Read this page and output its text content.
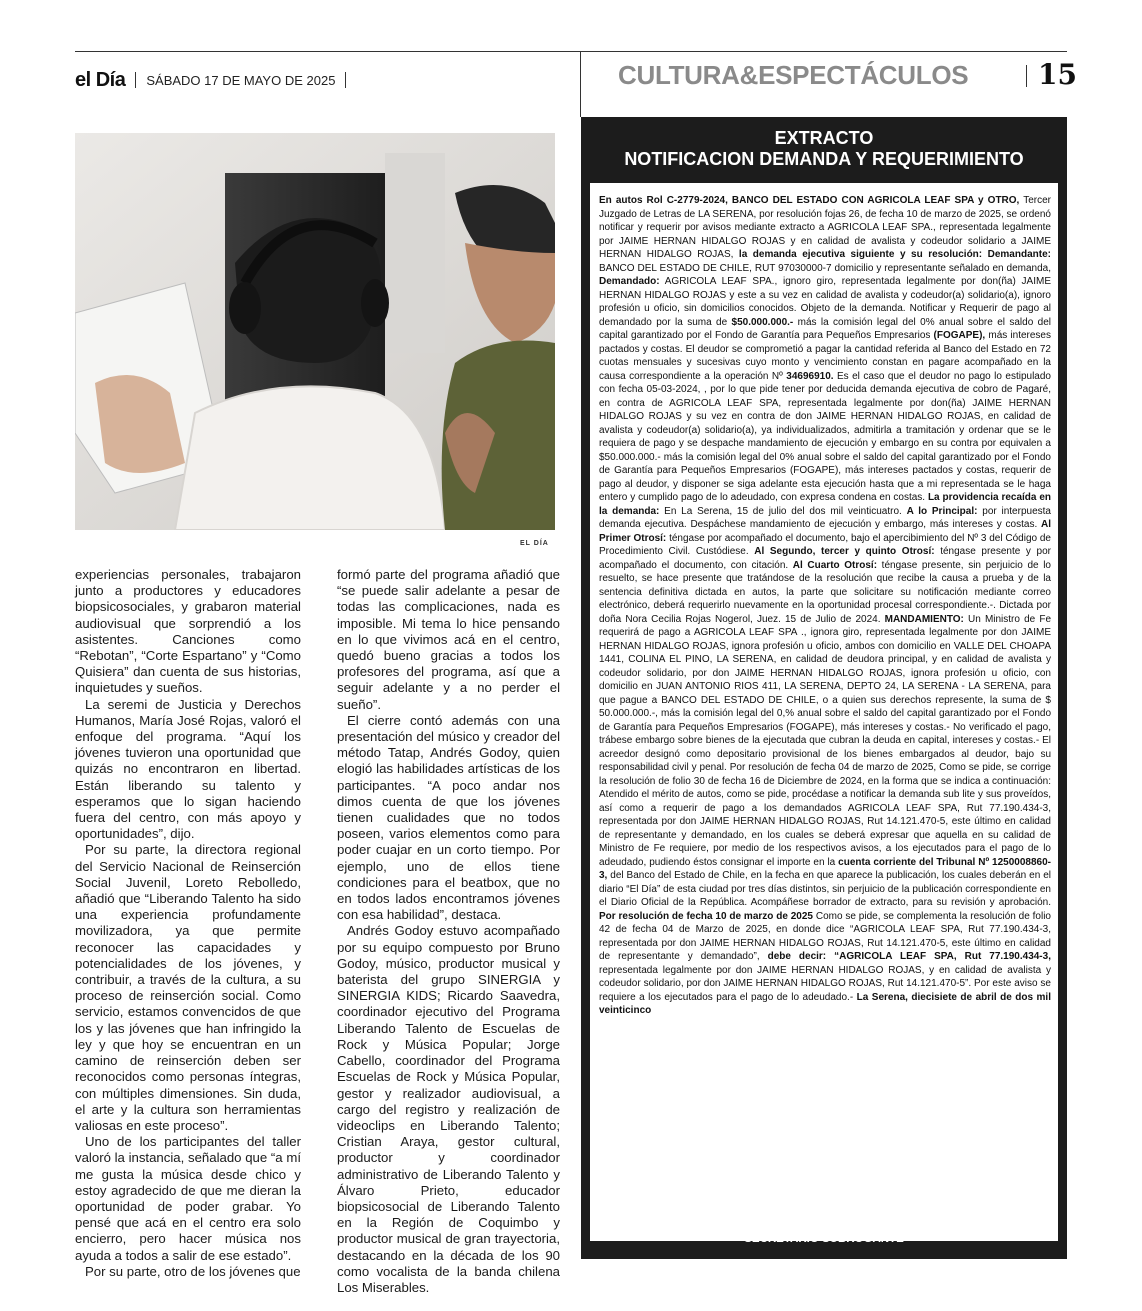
el Día SÁBADO 17 DE MAYO DE 2025	CULTURA&ESPECTÁCULOS 15
EL DÍA

experiencias personales, trabajaron junto a productores y educadores biopsicosociales, y grabaron material audiovisual que sorprendió a los asistentes. Canciones como “Rebotan”, “Corte Espartano” y “Como Quisiera” dan cuenta de sus historias, inquietudes y sueños.

La seremi de Justicia y Derechos Humanos, María José Rojas, valoró el enfoque del programa. “Aquí los jóvenes tuvieron una oportunidad que quizás no encontraron en libertad. Están liberando su talento y esperamos que lo sigan haciendo fuera del centro, con más apoyo y oportunidades”, dijo.

Por su parte, la directora regional del Servicio Nacional de Reinserción Social Juvenil, Loreto Rebolledo, añadió que “Liberando Talento ha sido una experiencia profundamente movilizadora, ya que permite reconocer las capacidades y potencialidades de los jóvenes, y contribuir, a través de la cultura, a su proceso de reinserción social. Como servicio, estamos convencidos de que los y las jóvenes que han infringido la ley y que hoy se encuentran en un camino de reinserción deben ser reconocidos como personas íntegras, con múltiples dimensiones. Sin duda, el arte y la cultura son herramientas valiosas en este proceso”.

Uno de los participantes del taller valoró la instancia, señalado que “a mí me gusta la música desde chico y estoy agradecido de que me dieran la oportunidad de poder grabar. Yo pensé que acá en el centro era solo encierro, pero hacer música nos ayuda a todos a salir de ese estado”.

Por su parte, otro de los jóvenes que

formó parte del programa añadió que “se puede salir adelante a pesar de todas las complicaciones, nada es imposible. Mi tema lo hice pensando en lo que vivimos acá en el centro, quedó bueno gracias a todos los profesores del programa, así que a seguir adelante y a no perder el sueño”.

El cierre contó además con una presentación del músico y creador del método Tatap, Andrés Godoy, quien elogió las habilidades artísticas de los participantes. “A poco andar nos dimos cuenta de que los jóvenes tienen cualidades que no todos poseen, varios elementos como para poder cuajar en un corto tiempo. Por ejemplo, uno de ellos tiene condiciones para el beatbox, que no en todos lados encontramos jóvenes con esa habilidad”, destaca.

Andrés Godoy estuvo acompañado por su equipo compuesto por Bruno Godoy, músico, productor musical y baterista del grupo SINERGIA y SINERGIA KIDS; Ricardo Saavedra, coordinador ejecutivo del Programa Liberando Talento de Escuelas de Rock y Música Popular; Jorge Cabello, coordinador del Programa Escuelas de Rock y Música Popular, gestor y realizador audiovisual, a cargo del registro y realización de videoclips en Liberando Talento; Cristian Araya, gestor cultural, productor y coordinador administrativo de Liberando Talento y Álvaro Prieto, educador biopsicosocial de Liberando Talento en la Región de Coquimbo y productor musical de gran trayectoria, destacando en la década de los 90 como vocalista de la banda chilena Los Miserables.

EXTRACTO
NOTIFICACION DEMANDA Y REQUERIMIENTO

En autos Rol C-2779-2024, BANCO DEL ESTADO CON AGRICOLA LEAF SPA y OTRO, Tercer Juzgado de Letras de LA SERENA, por resolución fojas 26, de fecha 10 de marzo de 2025, se ordenó notificar y requerir por avisos mediante extracto a AGRICOLA LEAF SPA., representada legalmente por JAIME HERNAN HIDALGO ROJAS y en calidad de avalista y codeudor solidario a JAIME HERNAN HIDALGO ROJAS, la demanda ejecutiva siguiente y su resolución: Demandante: BANCO DEL ESTADO DE CHILE, RUT 97030000-7 domicilio y representante señalado en demanda, Demandado: AGRICOLA LEAF SPA., ignoro giro, representada legalmente por don(ña) JAIME HERNAN HIDALGO ROJAS y este a su vez en calidad de avalista y codeudor(a) solidario(a), ignoro profesión u oficio, sin domicilios conocidos. Objeto de la demanda. Notificar y Requerir de pago al demandado por la suma de $50.000.000.- más la comisión legal del 0% anual sobre el saldo del capital garantizado por el Fondo de Garantía para Pequeños Empresarios (FOGAPE), más intereses pactados y costas. El deudor se comprometió a pagar la cantidad referida al Banco del Estado en 72 cuotas mensuales y sucesivas cuyo monto y vencimiento constan en pagare acompañado en la causa correspondiente a la operación Nº 34696910. Es el caso que el deudor no pago lo estipulado con fecha 05-03-2024, , por lo que pide tener por deducida demanda ejecutiva de cobro de Pagaré, en contra de AGRICOLA LEAF SPA, representada legalmente por don(ña) JAIME HERNAN HIDALGO ROJAS y su vez en contra de don JAIME HERNAN HIDALGO ROJAS, en calidad de avalista y codeudor(a) solidario(a), ya individualizados, admitirla a tramitación y ordenar que se le requiera de pago y se despache mandamiento de ejecución y embargo en su contra por equivalen a $50.000.000.- más la comisión legal del 0% anual sobre el saldo del capital garantizado por el Fondo de Garantía para Pequeños Empresarios (FOGAPE), más intereses pactados y costas, requerir de pago al deudor, y disponer se siga adelante esta ejecución hasta que a mi representada se le haga entero y cumplido pago de lo adeudado, con expresa condena en costas. La providencia recaída en la demanda: En La Serena, 15 de julio del dos mil veinticuatro. A lo Principal: por interpuesta demanda ejecutiva. Despáchese mandamiento de ejecución y embargo, más intereses y costas. Al Primer Otrosí: téngase por acompañado el documento, bajo el apercibimiento del Nº 3 del Código de Procedimiento Civil. Custódiese. Al Segundo, tercer y quinto Otrosí: téngase presente y por acompañado el documento, con citación. Al Cuarto Otrosí: téngase presente, sin perjuicio de lo resuelto, se hace presente que tratándose de la resolución que recibe la causa a prueba y de la sentencia definitiva dictada en autos, la parte que solicitare su notificación mediante correo electrónico, deberá requerirlo nuevamente en la oportunidad procesal correspondiente.-. Dictada por doña Nora Cecilia Rojas Nogerol, Juez. 15 de Julio de 2024. MANDAMIENTO: Un Ministro de Fe requerirá de pago a AGRICOLA LEAF SPA ., ignora giro, representada legalmente por don JAIME HERNAN HIDALGO ROJAS, ignora profesión u oficio, ambos con domicilio en VALLE DEL CHOAPA 1441, COLINA EL PINO, LA SERENA, en calidad de deudora principal, y en calidad de avalista y codeudor solidario, por don JAIME HERNAN HIDALGO ROJAS, ignora profesión u oficio, con domicilio en JUAN ANTONIO RIOS 411, LA SERENA, DEPTO 24, LA SERENA - LA SERENA, para que pague a BANCO DEL ESTADO DE CHILE, o a quien sus derechos represente, la suma de $ 50.000.000.-, más la comisión legal del 0,% anual sobre el saldo del capital garantizado por el Fondo de Garantía para Pequeños Empresarios (FOGAPE), más intereses y costas.- No verificado el pago, trábese embargo sobre bienes de la ejecutada que cubran la deuda en capital, intereses y costas.- El acreedor designó como depositario provisional de los bienes embargados al deudor, bajo su responsabilidad civil y penal. Por resolución de fecha 04 de marzo de 2025, Como se pide, se corrige la resolución de folio 30 de fecha 16 de Diciembre de 2024, en la forma que se indica a continuación: Atendido el mérito de autos, como se pide, procédase a notificar la demanda sub lite y sus proveídos, así como a requerir de pago a los demandados AGRICOLA LEAF SPA, Rut 77.190.434-3, representada por don JAIME HERNAN HIDALGO ROJAS, Rut 14.121.470-5, este último en calidad de representante y demandado, en los cuales se deberá expresar que aquella en su calidad de Ministro de Fe requiere, por medio de los respectivos avisos, a los ejecutados para el pago de lo adeudado, pudiendo éstos consignar el importe en la cuenta corriente del Tribunal Nº 1250008860-3, del Banco del Estado de Chile, en la fecha en que aparece la publicación, los cuales deberán en el diario “El Día” de esta ciudad por tres días distintos, sin perjuicio de la publicación correspondiente en el Diario Oficial de la República. Acompáñese borrador de extracto, para su revisión y aprobación. Por resolución de fecha 10 de marzo de 2025 Como se pide, se complementa la resolución de folio 42 de fecha 04 de Marzo de 2025, en donde dice “AGRICOLA LEAF SPA, Rut 77.190.434-3, representada por don JAIME HERNAN HIDALGO ROJAS, Rut 14.121.470-5, este último en calidad de representante y demandado”, debe decir: “AGRICOLA LEAF SPA, Rut 77.190.434-3, representada legalmente por don JAIME HERNAN HIDALGO ROJAS, y en calidad de avalista y codeudor solidario, por don JAIME HERNAN HIDALGO ROJAS, Rut 14.121.470-5”. Por este aviso se requiere a los ejecutados para el pago de lo adeudado.- La Serena, diecisiete de abril de dos mil veinticinco

ERICK BARRIOS RIQUELME
SECRETARIO SUBROGANTE
